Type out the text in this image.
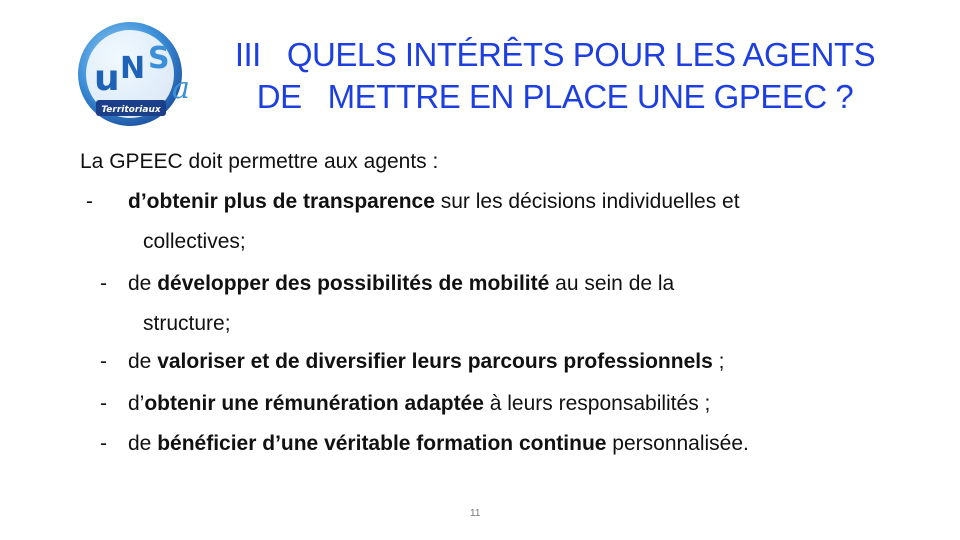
u N S
a
Territoriaux
III   QUELS INTÉRÊTS POUR LES AGENTS
DE   METTRE EN PLACE UNE GPEEC ?
La GPEEC doit permettre aux agents :
- d’obtenir plus de transparence sur les décisions individuelles et
collectives;
- de développer des possibilités de mobilité au sein de la
structure;
- de valoriser et de diversifier leurs parcours professionnels ;
- d’obtenir une rémunération adaptée à leurs responsabilités ;
- de bénéficier d’une véritable formation continue personnalisée.
11
